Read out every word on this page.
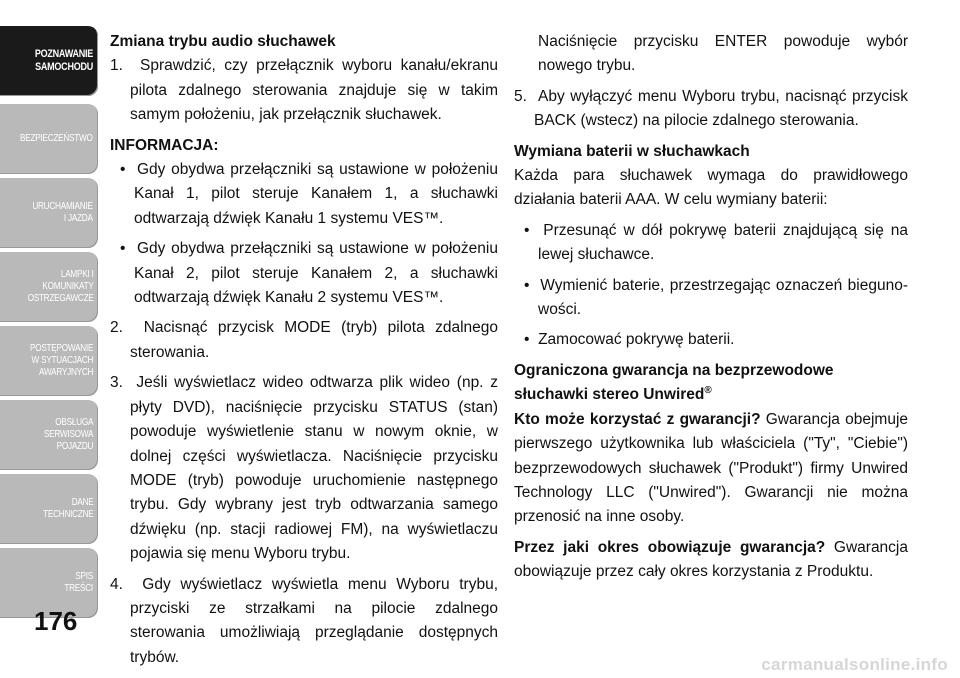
POZNAWANIE
SAMOCHODU
BEZPIECZEŃSTWO
URUCHAMIANIE
I JAZDA
LAMPKI I
KOMUNIKATY
OSTRZEGAWCZE
POSTĘPOWANIE
W SYTUACJACH
AWARYJNYCH
OBSŁUGA
SERWISOWA
POJAZDU
DANE
TECHNICZNE
SPIS
TREŚCI
176

Zmiana trybu audio słuchawek

1. Sprawdzić, czy przełącznik wyboru kanału/ekranu pilota zdalnego sterowania znajduje się w takim samym położeniu, jak przełącznik słuchawek.

INFORMACJA:

• Gdy obydwa przełączniki są ustawione w położeniu Kanał 1, pilot steruje Kanałem 1, a słuchawki odtwarzają dźwięk Kanału 1 systemu VES™.

• Gdy obydwa przełączniki są ustawione w położeniu Kanał 2, pilot steruje Kanałem 2, a słuchawki odtwarzają dźwięk Kanału 2 systemu VES™.

2. Nacisnąć przycisk MODE (tryb) pilota zdalnego sterowania.

3. Jeśli wyświetlacz wideo odtwarza plik wideo (np. z płyty DVD), naciśnięcie przycisku STATUS (stan) powoduje wyświetlenie stanu w nowym oknie, w dolnej części wyświetlacza. Naciśnięcie przycisku MODE (tryb) powoduje uruchomienie następnego trybu. Gdy wybrany jest tryb odtwarzania samego dźwięku (np. stacji radiowej FM), na wyświetlaczu pojawia się menu Wyboru trybu.

4. Gdy wyświetlacz wyświetla menu Wyboru trybu, przyciski ze strzałkami na pilocie zdalnego sterowania umożliwiają przeglądanie dostępnych trybów.

Naciśnięcie przycisku ENTER powoduje wybór nowego trybu.

5. Aby wyłączyć menu Wyboru trybu, nacisnąć przycisk BACK (wstecz) na pilocie zdalnego sterowania.

Wymiana baterii w słuchawkach

Każda para słuchawek wymaga do prawidłowego działania baterii AAA. W celu wymiany baterii:

• Przesunąć w dół pokrywę baterii znajdującą się na lewej słuchawce.

• Wymienić baterie, przestrzegając oznaczeń bieguno-wości.

• Zamocować pokrywę baterii.

Ograniczona gwarancja na bezprzewodowe słuchawki stereo Unwired®

Kto może korzystać z gwarancji? Gwarancja obejmuje pierwszego użytkownika lub właściciela ("Ty", "Ciebie") bezprzewodowych słuchawek ("Produkt") firmy Unwired Technology LLC ("Unwired"). Gwarancji nie można przenosić na inne osoby.

Przez jaki okres obowiązuje gwarancja? Gwarancja obowiązuje przez cały okres korzystania z Produktu.

carmanualsonline.info
